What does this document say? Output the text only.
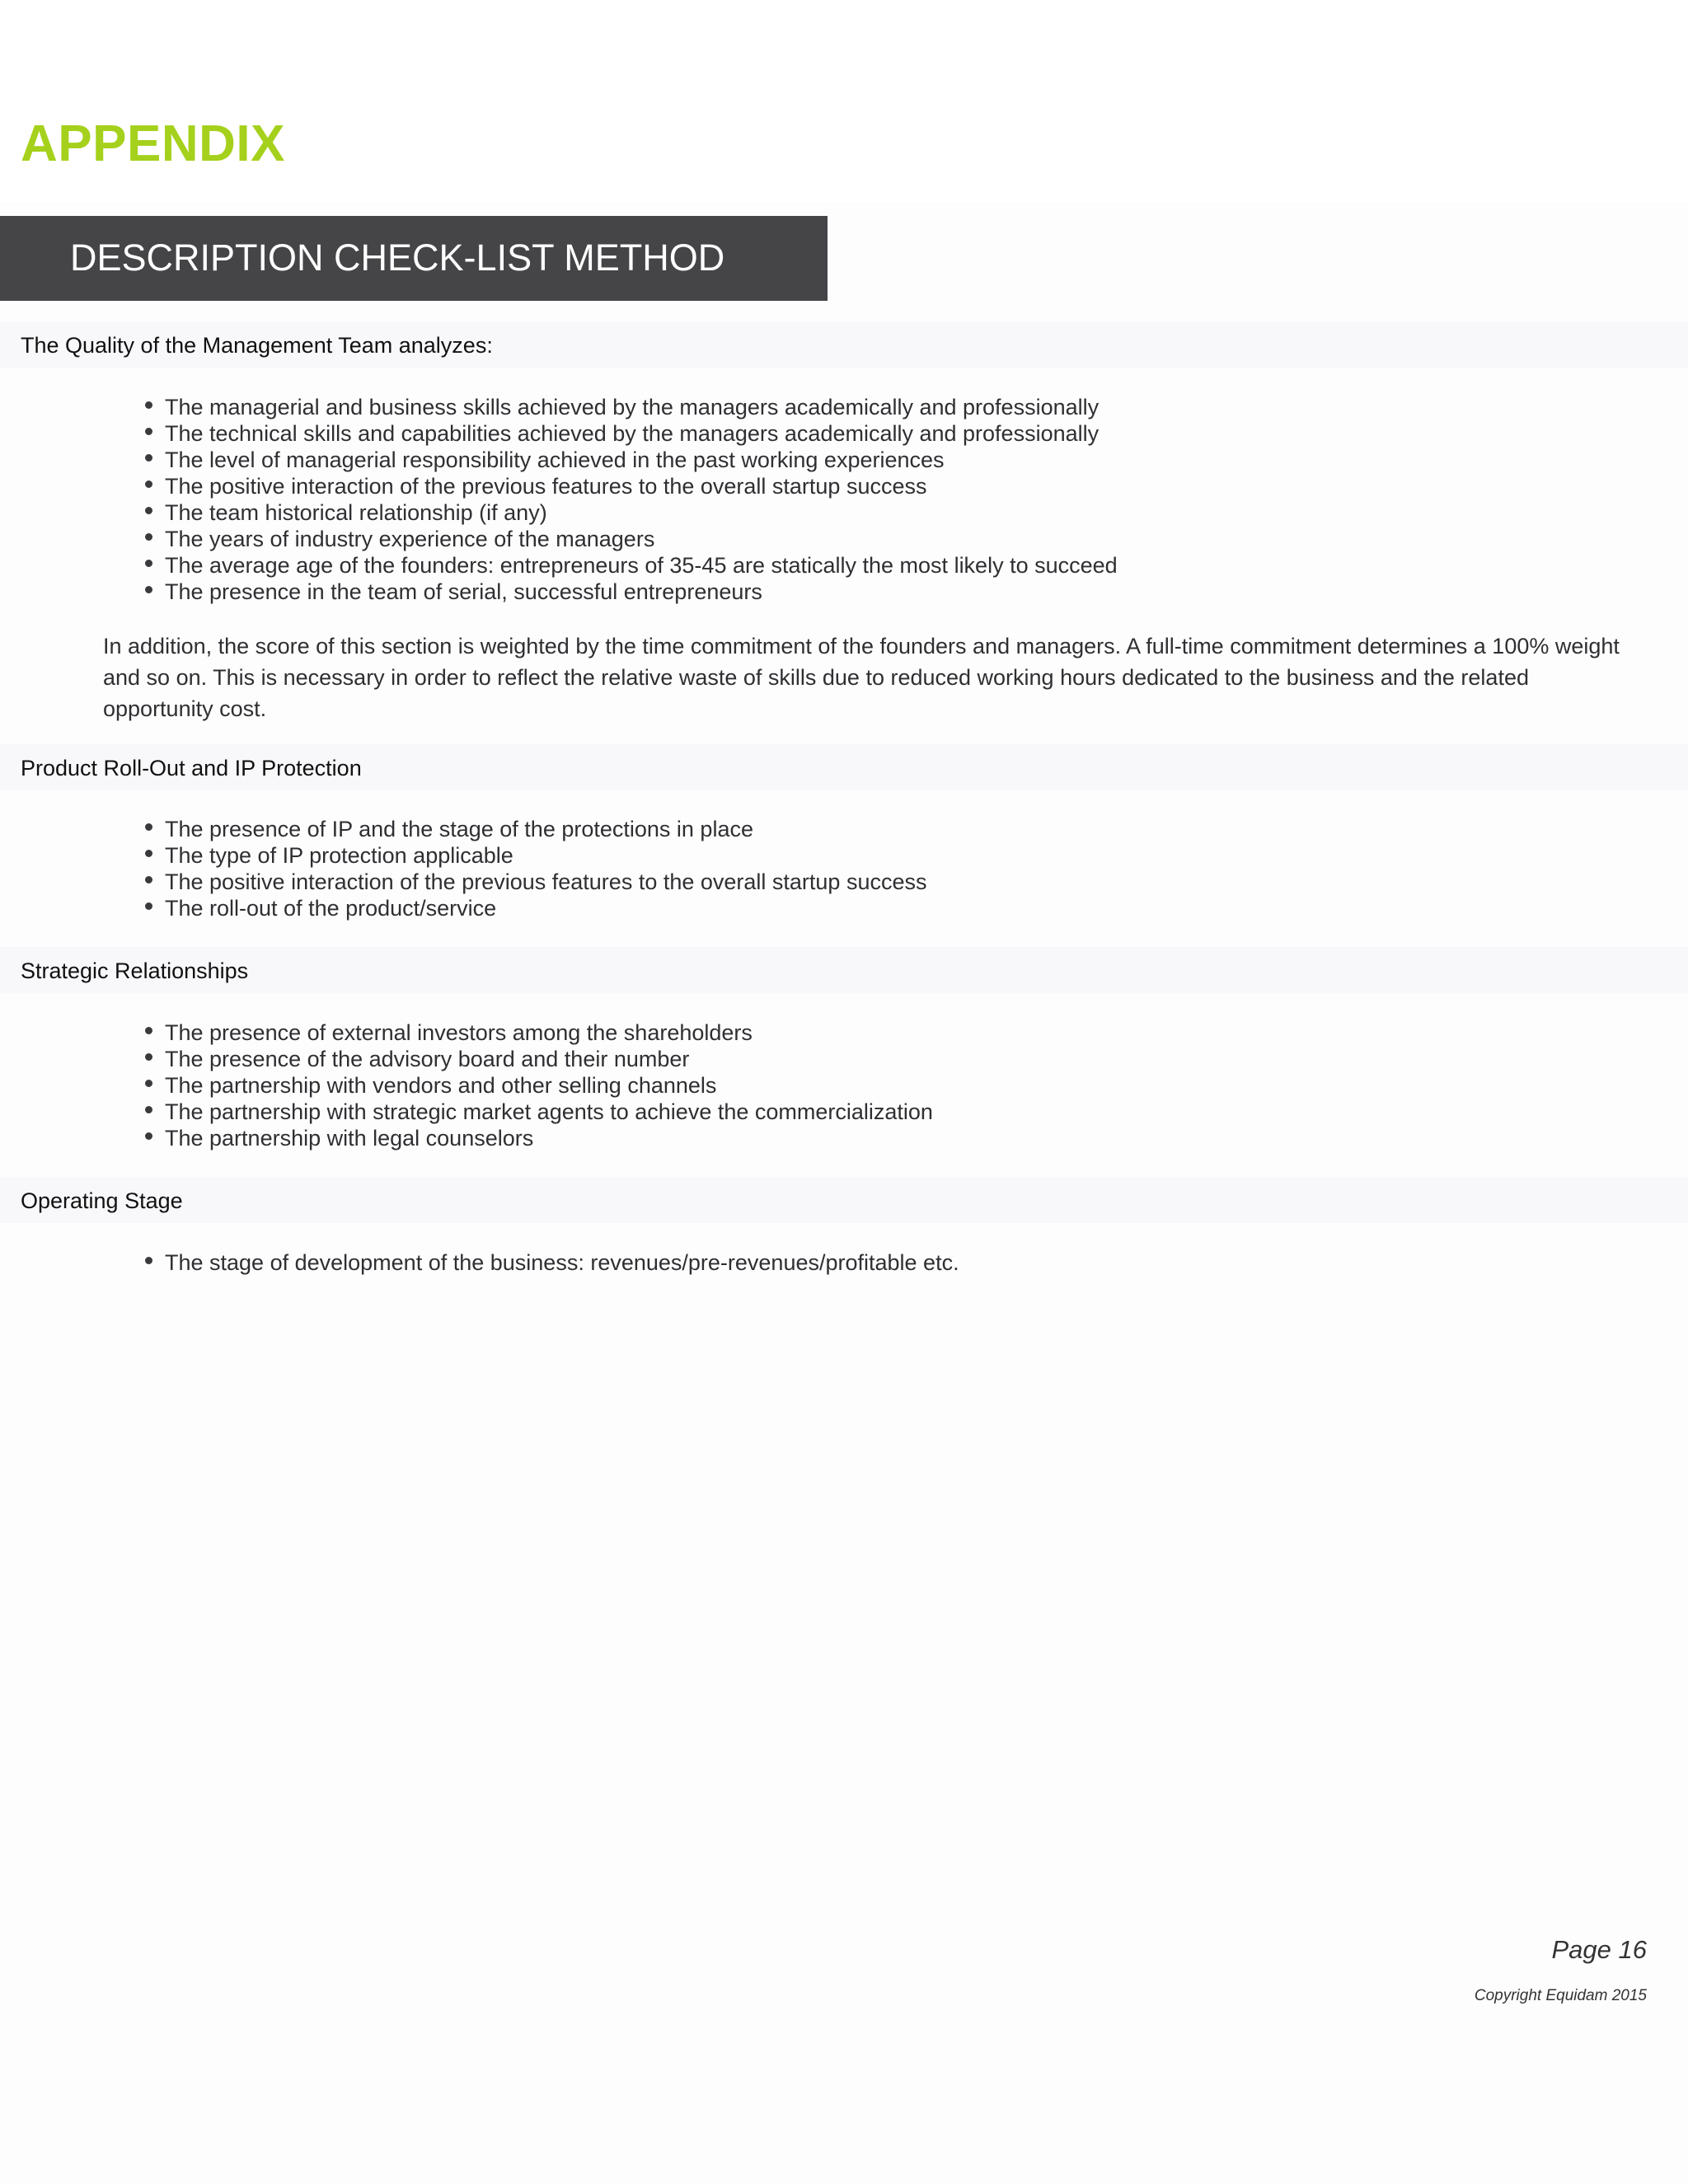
APPENDIX
DESCRIPTION CHECK-LIST METHOD
The Quality of the Management Team analyzes:
The managerial and business skills achieved by the managers academically and professionally
The technical skills and capabilities achieved by the managers academically and professionally
The level of managerial responsibility achieved in the past working experiences
The positive interaction of the previous features to the overall startup success
The team historical relationship (if any)
The years of industry experience of the managers
The average age of the founders: entrepreneurs of 35-45 are statically the most likely to succeed
The presence in the team of serial, successful entrepreneurs
In addition, the score of this section is weighted by the time commitment of the founders and managers. A full-time commitment determines a 100% weight and so on. This is necessary in order to reflect the relative waste of skills due to reduced working hours dedicated to the business and the related opportunity cost.
Product Roll-Out and IP Protection
The presence of IP and the stage of the protections in place
The type of IP protection applicable
The positive interaction of the previous features to the overall startup success
The roll-out of the product/service
Strategic Relationships
The presence of external investors among the shareholders
The presence of the advisory board and their number
The partnership with vendors and other selling channels
The partnership with strategic market agents to achieve the commercialization
The partnership with legal counselors
Operating Stage
The stage of development of the business: revenues/pre-revenues/profitable etc.
Page 16
Copyright Equidam 2015
